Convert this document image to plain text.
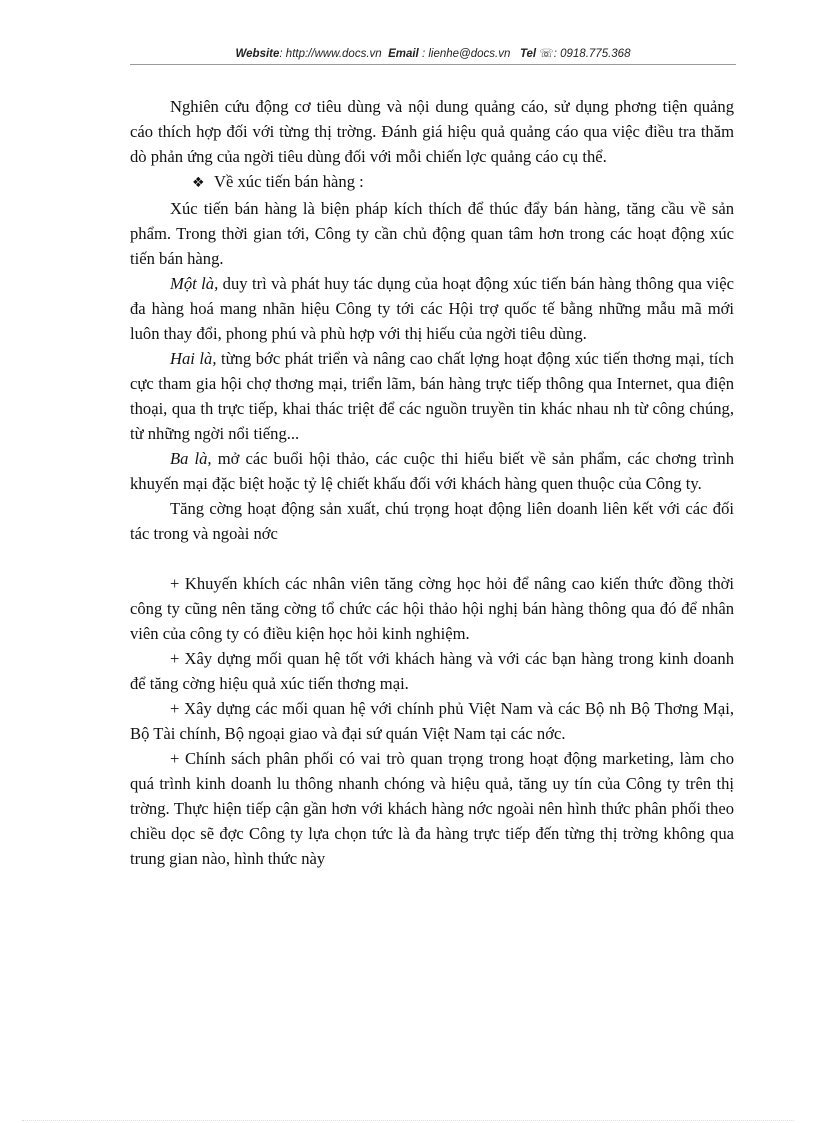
Website: http://www.docs.vn Email : lienhe@docs.vn Tel ☏: 0918.775.368

Nghiên cứu động cơ tiêu dùng và nội dung quảng cáo, sử dụng phơng tiện quảng cáo thích hợp đối với từng thị trờng. Đánh giá hiệu quả quảng cáo qua việc điều tra thăm dò phản ứng của ngời tiêu dùng đối với mỗi chiến lợc quảng cáo cụ thể.

❖ Về xúc tiến bán hàng :

Xúc tiến bán hàng là biện pháp kích thích để thúc đẩy bán hàng, tăng cầu về sản phẩm. Trong thời gian tới, Công ty cần chủ động quan tâm hơn trong các hoạt động xúc tiến bán hàng.

Một là, duy trì và phát huy tác dụng của hoạt động xúc tiến bán hàng thông qua việc đa hàng hoá mang nhãn hiệu Công ty tới các Hội trợ quốc tế bằng những mẫu mã mới luôn thay đổi, phong phú và phù hợp với thị hiếu của ngời tiêu dùng.

Hai là, từng bớc phát triển và nâng cao chất lợng hoạt động xúc tiến thơng mại, tích cực tham gia hội chợ thơng mại, triển lãm, bán hàng trực tiếp thông qua Internet, qua điện thoại, qua th trực tiếp, khai thác triệt để các nguồn truyền tin khác nhau nh từ công chúng, từ những ngời nổi tiếng...

Ba là, mở các buổi hội thảo, các cuộc thi hiểu biết về sản phẩm, các chơng trình khuyến mại đặc biệt hoặc tỷ lệ chiết khấu đối với khách hàng quen thuộc của Công ty.

Tăng cờng hoạt động sản xuất, chú trọng hoạt động liên doanh liên kết với các đối tác trong và ngoài nớc

+ Khuyến khích các nhân viên tăng cờng học hỏi để nâng cao kiến thức đồng thời công ty cũng nên tăng cờng tổ chức các hội thảo hội nghị bán hàng thông qua đó để nhân viên của công ty có điều kiện học hỏi kinh nghiệm.

+ Xây dựng mối quan hệ tốt với khách hàng và với các bạn hàng trong kinh doanh để tăng cờng hiệu quả xúc tiến thơng mại.

+ Xây dựng các mối quan hệ với chính phủ Việt Nam và các Bộ nh Bộ Thơng Mại, Bộ Tài chính, Bộ ngoại giao và đại sứ quán Việt Nam tại các nớc.

+ Chính sách phân phối có vai trò quan trọng trong hoạt động marketing, làm cho quá trình kinh doanh lu thông nhanh chóng và hiệu quả, tăng uy tín của Công ty trên thị trờng. Thực hiện tiếp cận gần hơn với khách hàng nớc ngoài nên hình thức phân phối theo chiều dọc sẽ đợc Công ty lựa chọn tức là đa hàng trực tiếp đến từng thị trờng không qua trung gian nào, hình thức này
